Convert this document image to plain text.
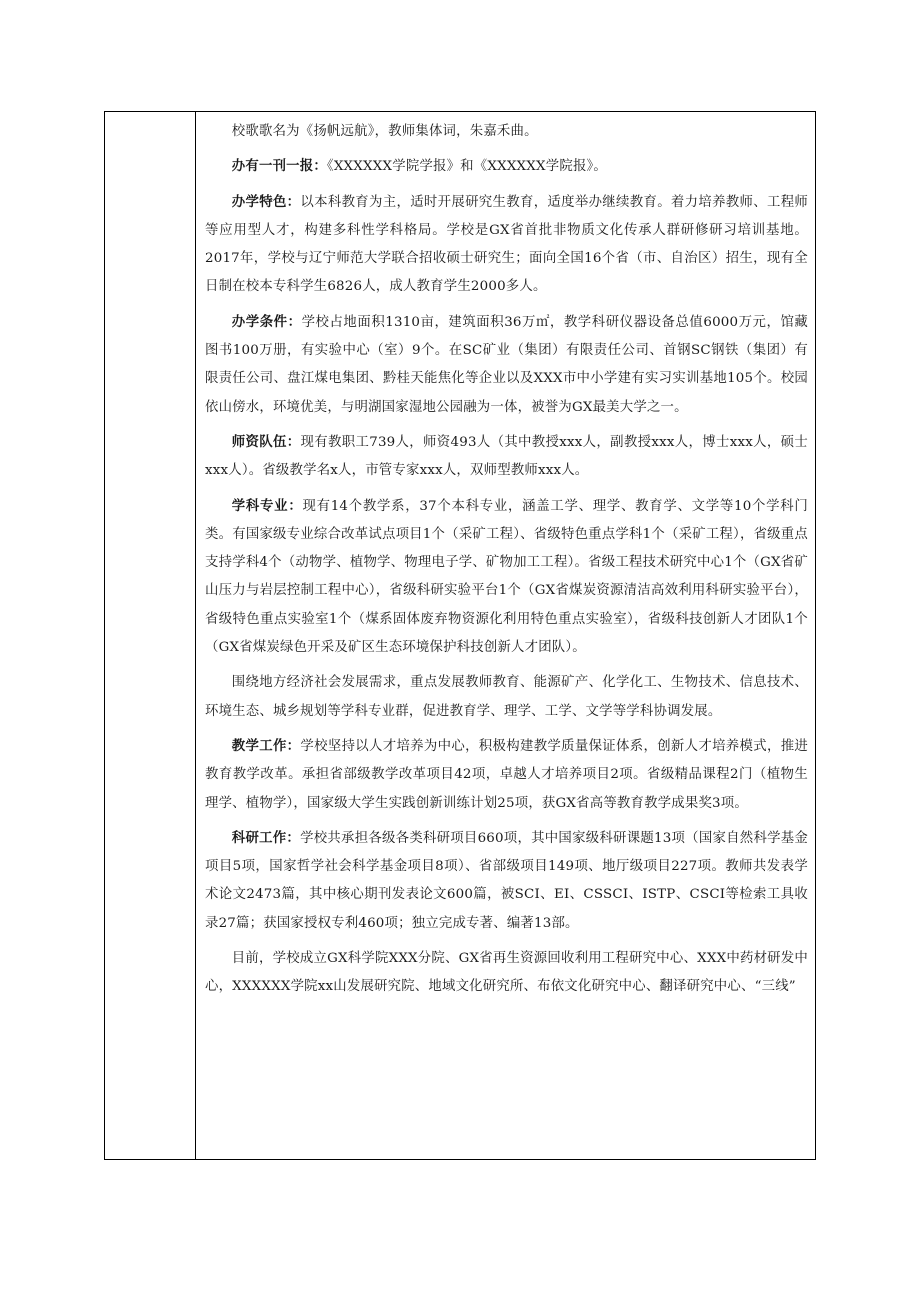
校歌歌名为《扬帆远航》，教师集体词，朱嘉禾曲。

办有一刊一报：《XXXXXX学院学报》和《XXXXXX学院报》。

办学特色：以本科教育为主，适时开展研究生教育，适度举办继续教育。着力培养教师、工程师等应用型人才，构建多科性学科格局。学校是GX省首批非物质文化传承人群研修研习培训基地。2017年，学校与辽宁师范大学联合招收硕士研究生；面向全国16个省（市、自治区）招生，现有全日制在校本专科学生6826人，成人教育学生2000多人。

办学条件：学校占地面积1310亩，建筑面积36万㎡，教学科研仪器设备总值6000万元，馆藏图书100万册，有实验中心（室）9个。在SC矿业（集团）有限责任公司、首钢SC钢铁（集团）有限责任公司、盘江煤电集团、黔桂天能焦化等企业以及XXX市中小学建有实习实训基地105个。校园依山傍水，环境优美，与明湖国家湿地公园融为一体，被誉为GX最美大学之一。

师资队伍：现有教职工739人，师资493人（其中教授xxx人，副教授xxx人，博士xxx人，硕士xxx人）。省级教学名x人，市管专家xxx人，双师型教师xxx人。

学科专业：现有14个教学系，37个本科专业，涵盖工学、理学、教育学、文学等10个学科门类。有国家级专业综合改革试点项目1个（采矿工程）、省级特色重点学科1个（采矿工程），省级重点支持学科4个（动物学、植物学、物理电子学、矿物加工工程）。省级工程技术研究中心1个（GX省矿山压力与岩层控制工程中心），省级科研实验平台1个（GX省煤炭资源清洁高效利用科研实验平台），省级特色重点实验室1个（煤系固体废弃物资源化利用特色重点实验室），省级科技创新人才团队1个（GX省煤炭绿色开采及矿区生态环境保护科技创新人才团队）。

围绕地方经济社会发展需求，重点发展教师教育、能源矿产、化学化工、生物技术、信息技术、环境生态、城乡规划等学科专业群，促进教育学、理学、工学、文学等学科协调发展。

教学工作：学校坚持以人才培养为中心，积极构建教学质量保证体系，创新人才培养模式，推进教育教学改革。承担省部级教学改革项目42项，卓越人才培养项目2项。省级精品课程2门（植物生理学、植物学），国家级大学生实践创新训练计划25项，获GX省高等教育教学成果奖3项。

科研工作：学校共承担各级各类科研项目660项，其中国家级科研课题13项（国家自然科学基金项目5项，国家哲学社会科学基金项目8项）、省部级项目149项、地厅级项目227项。教师共发表学术论文2473篇，其中核心期刊发表论文600篇，被SCI、EI、CSSCI、ISTP、CSCI等检索工具收录27篇；获国家授权专利460项；独立完成专著、编著13部。

目前，学校成立GX科学院XXX分院、GX省再生资源回收利用工程研究中心、XXX中药材研发中心，XXXXXX学院xx山发展研究院、地域文化研究所、布依文化研究中心、翻译研究中心、“三线”
